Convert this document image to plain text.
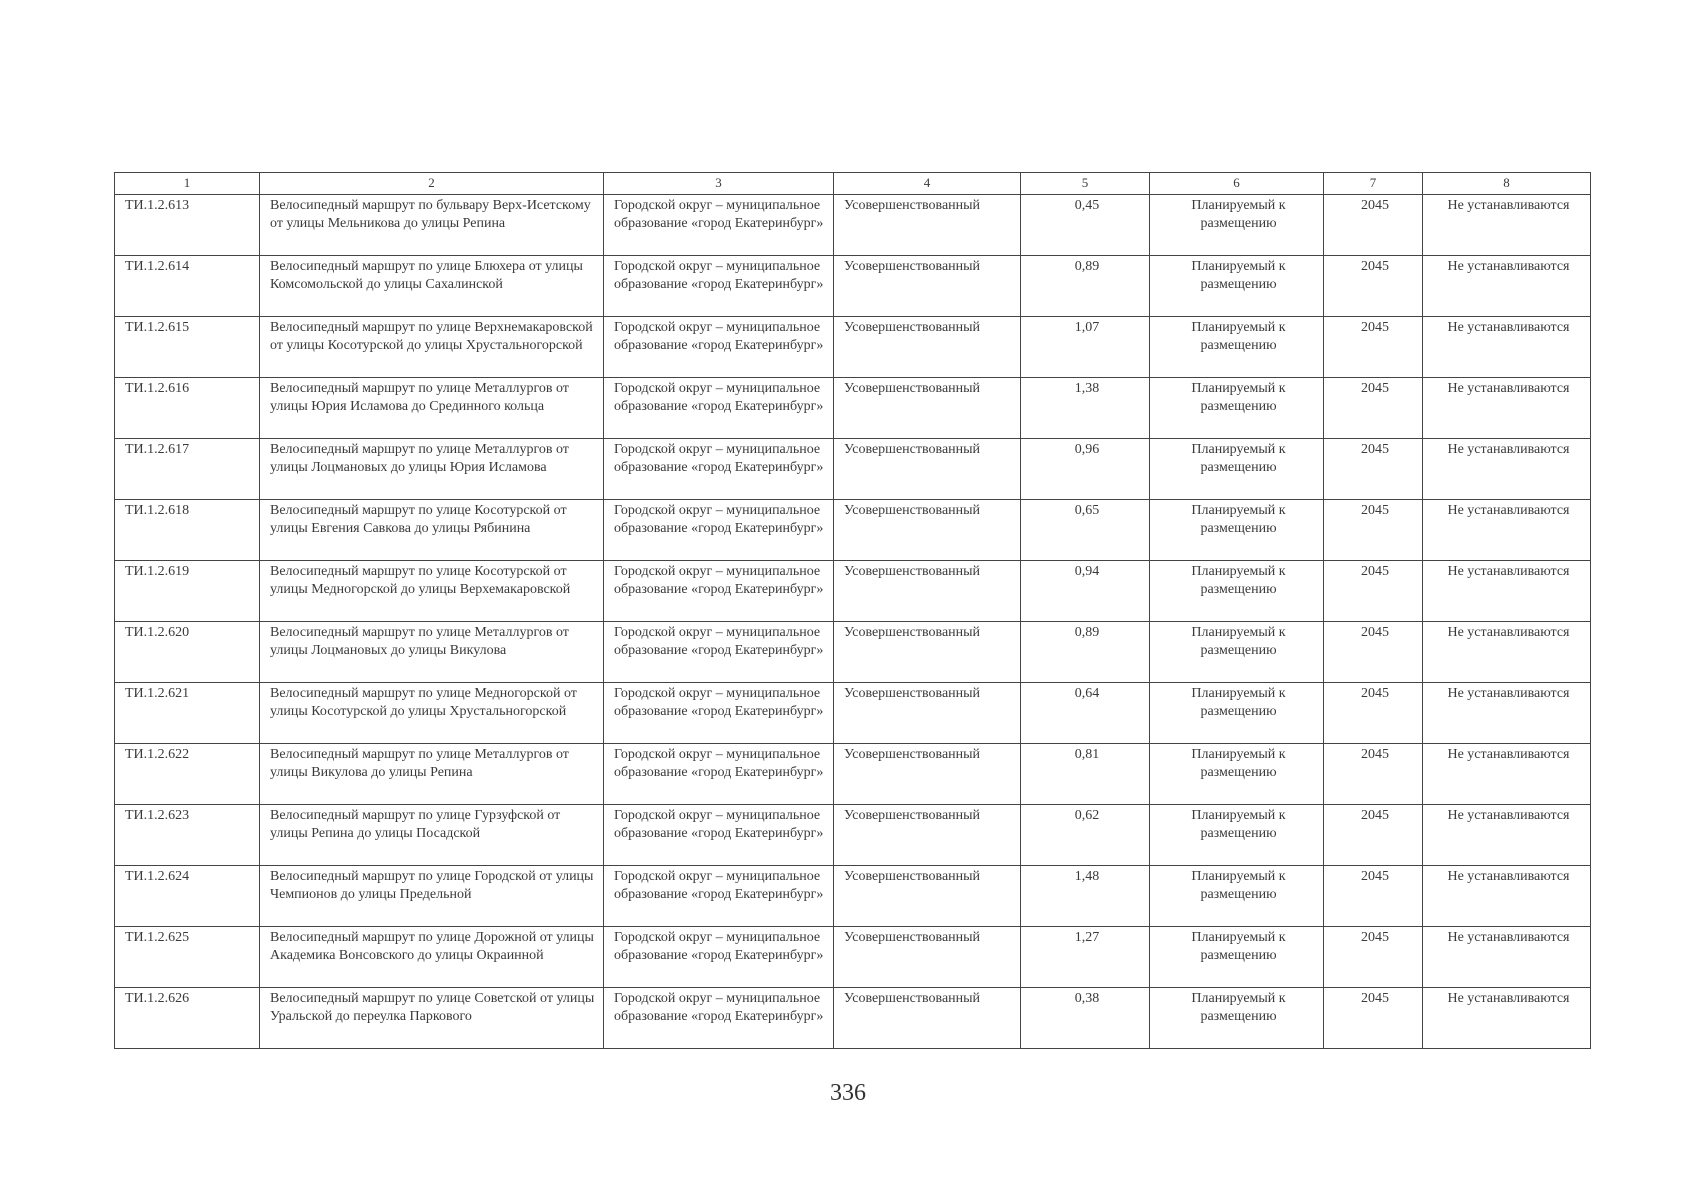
1	2	3	4	5	6	7	8
ТИ.1.2.613	Велосипедный маршрут по бульвару Верх-Исетскому от улицы Мельникова до улицы Репина	Городской округ – муниципальное образование «город Екатеринбург»	Усовершенствованный	0,45	Планируемый к размещению	2045	Не устанавливаются
ТИ.1.2.614	Велосипедный маршрут по улице Блюхера от улицы Комсомольской до улицы Сахалинской	Городской округ – муниципальное образование «город Екатеринбург»	Усовершенствованный	0,89	Планируемый к размещению	2045	Не устанавливаются
ТИ.1.2.615	Велосипедный маршрут по улице Верхнемакаровской от улицы Косотурской до улицы Хрустальногорской	Городской округ – муниципальное образование «город Екатеринбург»	Усовершенствованный	1,07	Планируемый к размещению	2045	Не устанавливаются
ТИ.1.2.616	Велосипедный маршрут по улице Металлургов от улицы Юрия Исламова до Срединного кольца	Городской округ – муниципальное образование «город Екатеринбург»	Усовершенствованный	1,38	Планируемый к размещению	2045	Не устанавливаются
ТИ.1.2.617	Велосипедный маршрут по улице Металлургов от улицы Лоцмановых до улицы Юрия Исламова	Городской округ – муниципальное образование «город Екатеринбург»	Усовершенствованный	0,96	Планируемый к размещению	2045	Не устанавливаются
ТИ.1.2.618	Велосипедный маршрут по улице Косотурской от улицы Евгения Савкова до улицы Рябинина	Городской округ – муниципальное образование «город Екатеринбург»	Усовершенствованный	0,65	Планируемый к размещению	2045	Не устанавливаются
ТИ.1.2.619	Велосипедный маршрут по улице Косотурской от улицы Медногорской до улицы Верхемакаровской	Городской округ – муниципальное образование «город Екатеринбург»	Усовершенствованный	0,94	Планируемый к размещению	2045	Не устанавливаются
ТИ.1.2.620	Велосипедный маршрут по улице Металлургов от улицы Лоцмановых до улицы Викулова	Городской округ – муниципальное образование «город Екатеринбург»	Усовершенствованный	0,89	Планируемый к размещению	2045	Не устанавливаются
ТИ.1.2.621	Велосипедный маршрут по улице Медногорской от улицы Косотурской до улицы Хрустальногорской	Городской округ – муниципальное образование «город Екатеринбург»	Усовершенствованный	0,64	Планируемый к размещению	2045	Не устанавливаются
ТИ.1.2.622	Велосипедный маршрут по улице Металлургов от улицы Викулова до улицы Репина	Городской округ – муниципальное образование «город Екатеринбург»	Усовершенствованный	0,81	Планируемый к размещению	2045	Не устанавливаются
ТИ.1.2.623	Велосипедный маршрут по улице Гурзуфской от улицы Репина до улицы Посадской	Городской округ – муниципальное образование «город Екатеринбург»	Усовершенствованный	0,62	Планируемый к размещению	2045	Не устанавливаются
ТИ.1.2.624	Велосипедный маршрут по улице Городской от улицы Чемпионов до улицы Предельной	Городской округ – муниципальное образование «город Екатеринбург»	Усовершенствованный	1,48	Планируемый к размещению	2045	Не устанавливаются
ТИ.1.2.625	Велосипедный маршрут по улице Дорожной от улицы Академика Вонсовского до улицы Окраинной	Городской округ – муниципальное образование «город Екатеринбург»	Усовершенствованный	1,27	Планируемый к размещению	2045	Не устанавливаются
ТИ.1.2.626	Велосипедный маршрут по улице Советской от улицы Уральской до переулка Паркового	Городской округ – муниципальное образование «город Екатеринбург»	Усовершенствованный	0,38	Планируемый к размещению	2045	Не устанавливаются
336
